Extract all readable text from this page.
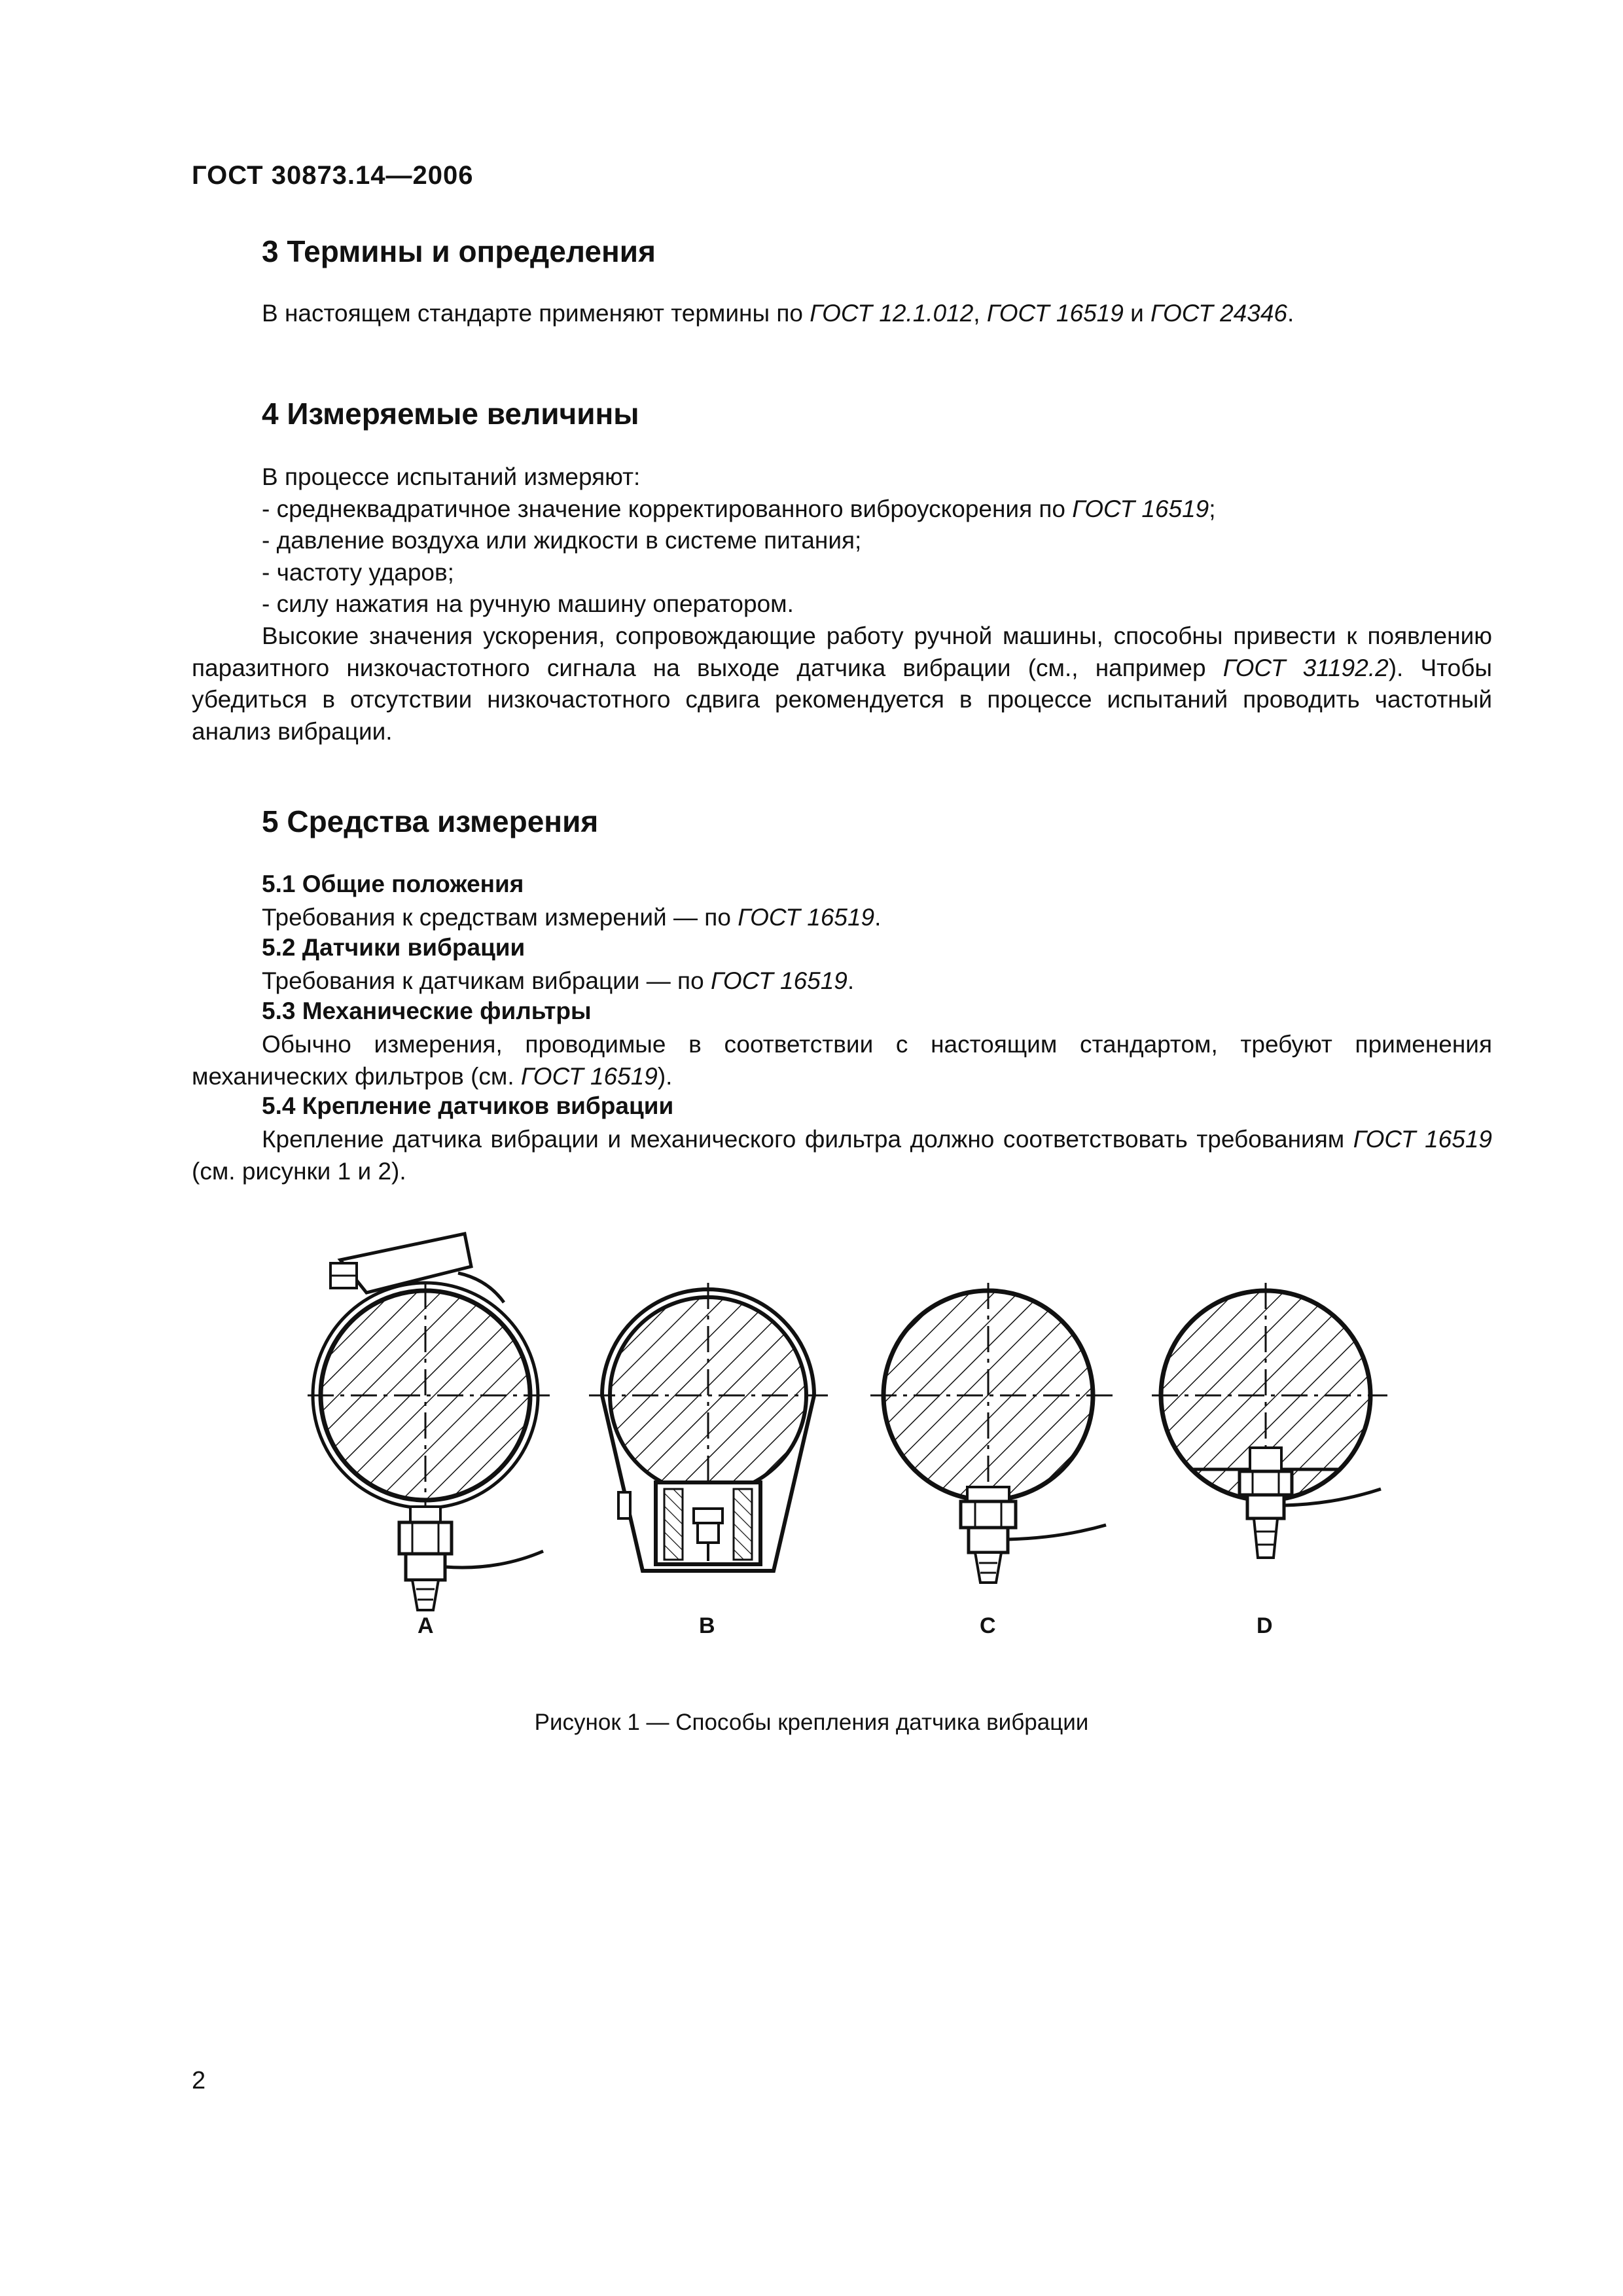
ГОСТ 30873.14—2006
3 Термины и определения
В настоящем стандарте применяют термины по ГОСТ 12.1.012, ГОСТ 16519 и ГОСТ 24346.
4 Измеряемые величины
В процессе испытаний измеряют:
- среднеквадратичное значение корректированного виброускорения по ГОСТ 16519;
- давление воздуха или жидкости в системе питания;
- частоту ударов;
- силу нажатия на ручную машину оператором.
Высокие значения ускорения, сопровождающие работу ручной машины, способны привести к появлению паразитного низкочастотного сигнала на выходе датчика вибрации (см., например ГОСТ 31192.2). Чтобы убедиться в отсутствии низкочастотного сдвига рекомендуется в процессе испытаний проводить частотный анализ вибрации.
5 Средства измерения
5.1 Общие положения
Требования к средствам измерений — по ГОСТ 16519.
5.2 Датчики вибрации
Требования к датчикам вибрации — по ГОСТ 16519.
5.3 Механические фильтры
Обычно измерения, проводимые в соответствии с настоящим стандартом, требуют применения механических фильтров (см. ГОСТ 16519).
5.4 Крепление датчиков вибрации
Крепление датчика вибрации и механического фильтра должно соответствовать требованиям ГОСТ 16519 (см. рисунки 1 и 2).
A	B	C	D
Рисунок 1 — Способы крепления датчика вибрации
2
